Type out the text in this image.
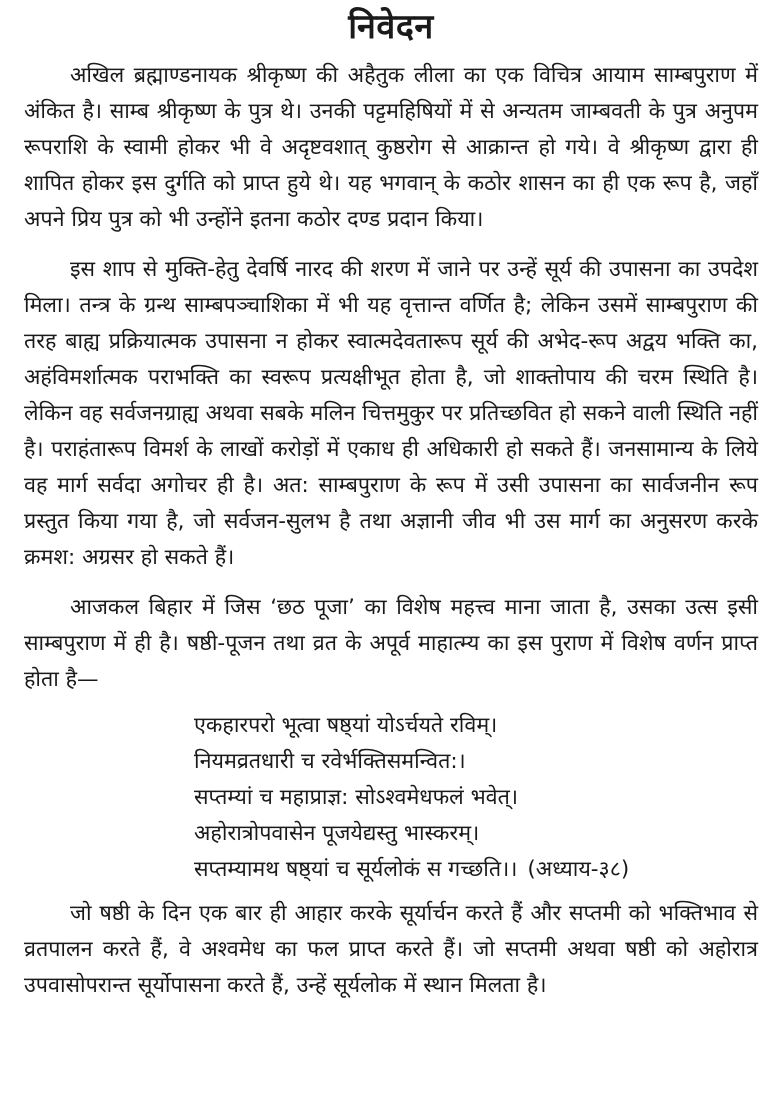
निवेदन

अखिल ब्रह्माण्डनायक श्रीकृष्ण की अहैतुक लीला का एक विचित्र आयाम साम्बपुराण में अंकित है। साम्ब श्रीकृष्ण के पुत्र थे। उनकी पट्टमहिषियों में से अन्यतम जाम्बवती के पुत्र अनुपम रूपराशि के स्वामी होकर भी वे अदृष्टवशात् कुष्ठरोग से आक्रान्त हो गये। वे श्रीकृष्ण द्वारा ही शापित होकर इस दुर्गति को प्राप्त हुये थे। यह भगवान् के कठोर शासन का ही एक रूप है, जहाँ अपने प्रिय पुत्र को भी उन्होंने इतना कठोर दण्ड प्रदान किया।

इस शाप से मुक्ति-हेतु देवर्षि नारद की शरण में जाने पर उन्हें सूर्य की उपासना का उपदेश मिला। तन्त्र के ग्रन्थ साम्बपञ्चाशिका में भी यह वृत्तान्त वर्णित है; लेकिन उसमें साम्बपुराण की तरह बाह्य प्रक्रियात्मक उपासना न होकर स्वात्मदेवतारूप सूर्य की अभेद-रूप अद्वय भक्ति का, अहंविमर्शात्मक पराभक्ति का स्वरूप प्रत्यक्षीभूत होता है, जो शाक्तोपाय की चरम स्थिति है। लेकिन वह सर्वजनग्राह्य अथवा सबके मलिन चित्तमुकुर पर प्रतिच्छवित हो सकने वाली स्थिति नहीं है। पराहंतारूप विमर्श के लाखों करोड़ों में एकाध ही अधिकारी हो सकते हैं। जनसामान्य के लिये वह मार्ग सर्वदा अगोचर ही है। अत: साम्बपुराण के रूप में उसी उपासना का सार्वजनीन रूप प्रस्तुत किया गया है, जो सर्वजन-सुलभ है तथा अज्ञानी जीव भी उस मार्ग का अनुसरण करके क्रमश: अग्रसर हो सकते हैं।

आजकल बिहार में जिस ‘छठ पूजा’ का विशेष महत्त्व माना जाता है, उसका उत्स इसी साम्बपुराण में ही है। षष्ठी-पूजन तथा व्रत के अपूर्व माहात्म्य का इस पुराण में विशेष वर्णन प्राप्त होता है—

एकहारपरो भूत्वा षष्ठ्यां योऽर्चयते रविम्।
नियमव्रतधारी च रवेर्भक्तिसमन्वित:।
सप्तम्यां च महाप्राज्ञ: सोऽश्वमेधफलं भवेत्।
अहोरात्रोपवासेन पूजयेद्यस्तु भास्करम्।
सप्तम्यामथ षष्ठ्यां च सूर्यलोकं स गच्छति।। (अध्याय-३८)

जो षष्ठी के दिन एक बार ही आहार करके सूर्यार्चन करते हैं और सप्तमी को भक्तिभाव से व्रतपालन करते हैं, वे अश्वमेध का फल प्राप्त करते हैं। जो सप्तमी अथवा षष्ठी को अहोरात्र उपवासोपरान्त सूर्योपासना करते हैं, उन्हें सूर्यलोक में स्थान मिलता है।
